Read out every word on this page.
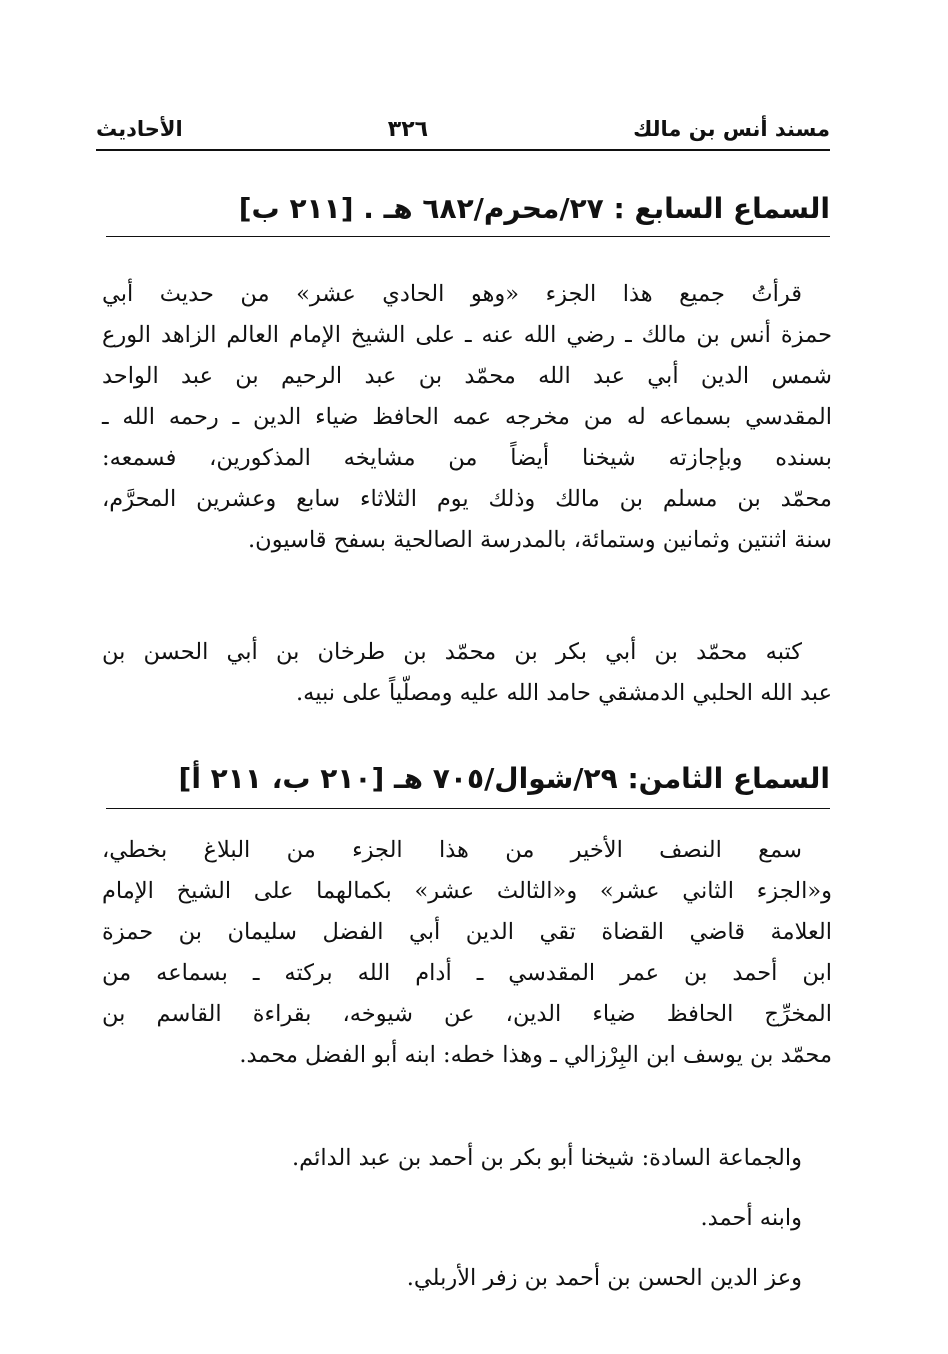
مسند أنس بن مالك
٣٢٦
الأحاديث
السماع السابع : ٢٧/محرم/٦٨٢ هـ . [٢١١ ب]
قرأتُ جميع هذا الجزء «وهو الحادي عشر» من حديث أبي
حمزة أنس بن مالك ـ رضي الله عنه ـ على الشيخ الإمام العالم الزاهد الورع
شمس الدين أبي عبد الله محمّد بن عبد الرحيم بن عبد الواحد
المقدسي بسماعه له من مخرجه عمه الحافظ ضياء الدين ـ رحمه الله ـ
بسنده وبإجازته شيخنا أيضاً من مشايخه المذكورين، فسمعه:
محمّد بن مسلم بن مالك وذلك يوم الثلاثاء سابع وعشرين المحرَّم،
سنة اثنتين وثمانين وستمائة، بالمدرسة الصالحية بسفح قاسيون.
كتبه محمّد بن أبي بكر بن محمّد بن طرخان بن أبي الحسن بن
عبد الله الحلبي الدمشقي حامد الله عليه ومصلّياً على نبيه.
السماع الثامن: ٢٩/شوال/٧٠٥ هـ [٢١٠ ب، ٢١١ أ]
سمع النصف الأخير من هذا الجزء من البلاغ بخطي،
و«الجزء الثاني عشر» و«الثالث عشر» بكمالهما على الشيخ الإمام
العلامة قاضي القضاة تقي الدين أبي الفضل سليمان بن حمزة
ابن أحمد بن عمر المقدسي ـ أدام الله بركته ـ بسماعه من
المخرِّج الحافظ ضياء الدين، عن شيوخه، بقراءة القاسم بن
محمّد بن يوسف ابن البِرْزالي ـ وهذا خطه: ابنه أبو الفضل محمد.
والجماعة السادة: شيخنا أبو بكر بن أحمد بن عبد الدائم.
وابنه أحمد.
وعز الدين الحسن بن أحمد بن زفر الأربلي.
